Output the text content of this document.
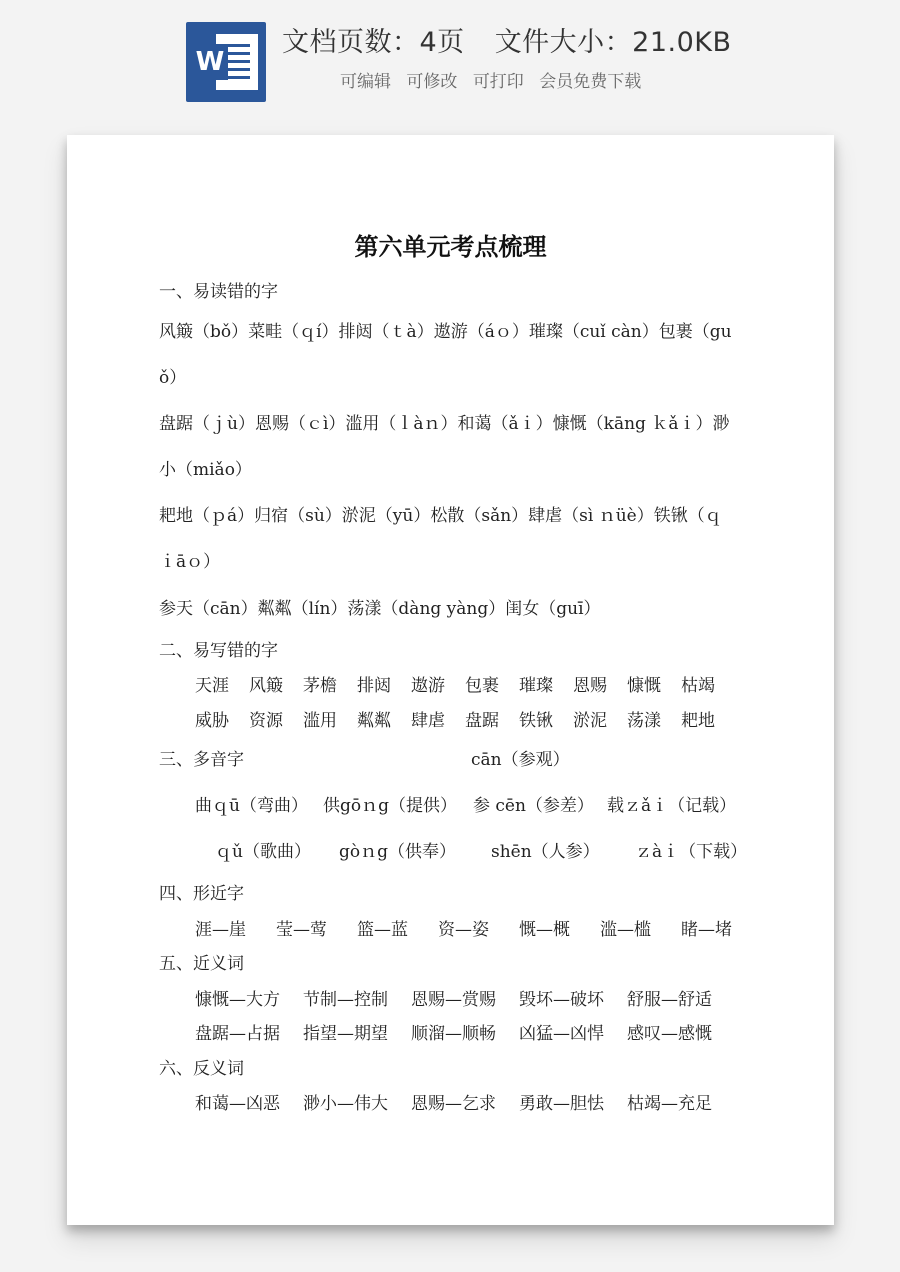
W
文档页数：4页 文件大小：21.0KB
可编辑 可修改 可打印 会员免费下载
第六单元考点梳理
一、易读错的字
风簸（bǒ）菜畦（ｑí）排闼（ｔà）遨游（áｏ）璀璨（cuǐ càn）包裹（gu
ǒ）
盘踞（ｊù）恩赐（ｃì）滥用（ｌàｎ）和蔼（ǎｉ）慷慨（kāng ｋǎｉ）渺
小（miǎo）
耙地（ｐá）归宿（sù）淤泥（yū）松散（sǎn）肆虐（sì ｎüè）铁锹（ｑ
ｉāｏ）
参天（cān）粼粼（lín）荡漾（dàng yàng）闺女（guī）
二、易写错的字
天涯 风簸 茅檐 排闼 遨游 包裹 璀璨 恩赐 慷慨 枯竭
威胁 资源 滥用 粼粼 肆虐 盘踞 铁锹 淤泥 荡漾 耙地
三、多音字	cān（参观）
曲ｑū（弯曲） 供gōｎg（提供） 参 cēn（参差） 载ｚǎｉ（记载）
ｑǔ（歌曲） gòｎg（供奉） shēn（人参） ｚàｉ（下载）
四、形近字
涯—崖 莹—莺 篮—蓝 资—姿 慨—概 滥—槛 睹—堵
五、近义词
慷慨—大方 节制—控制 恩赐—赏赐 毁坏—破坏 舒服—舒适
盘踞—占据 指望—期望 顺溜—顺畅 凶猛—凶悍 感叹—感慨
六、反义词
和蔼—凶恶 渺小—伟大 恩赐—乞求 勇敢—胆怯 枯竭—充足
